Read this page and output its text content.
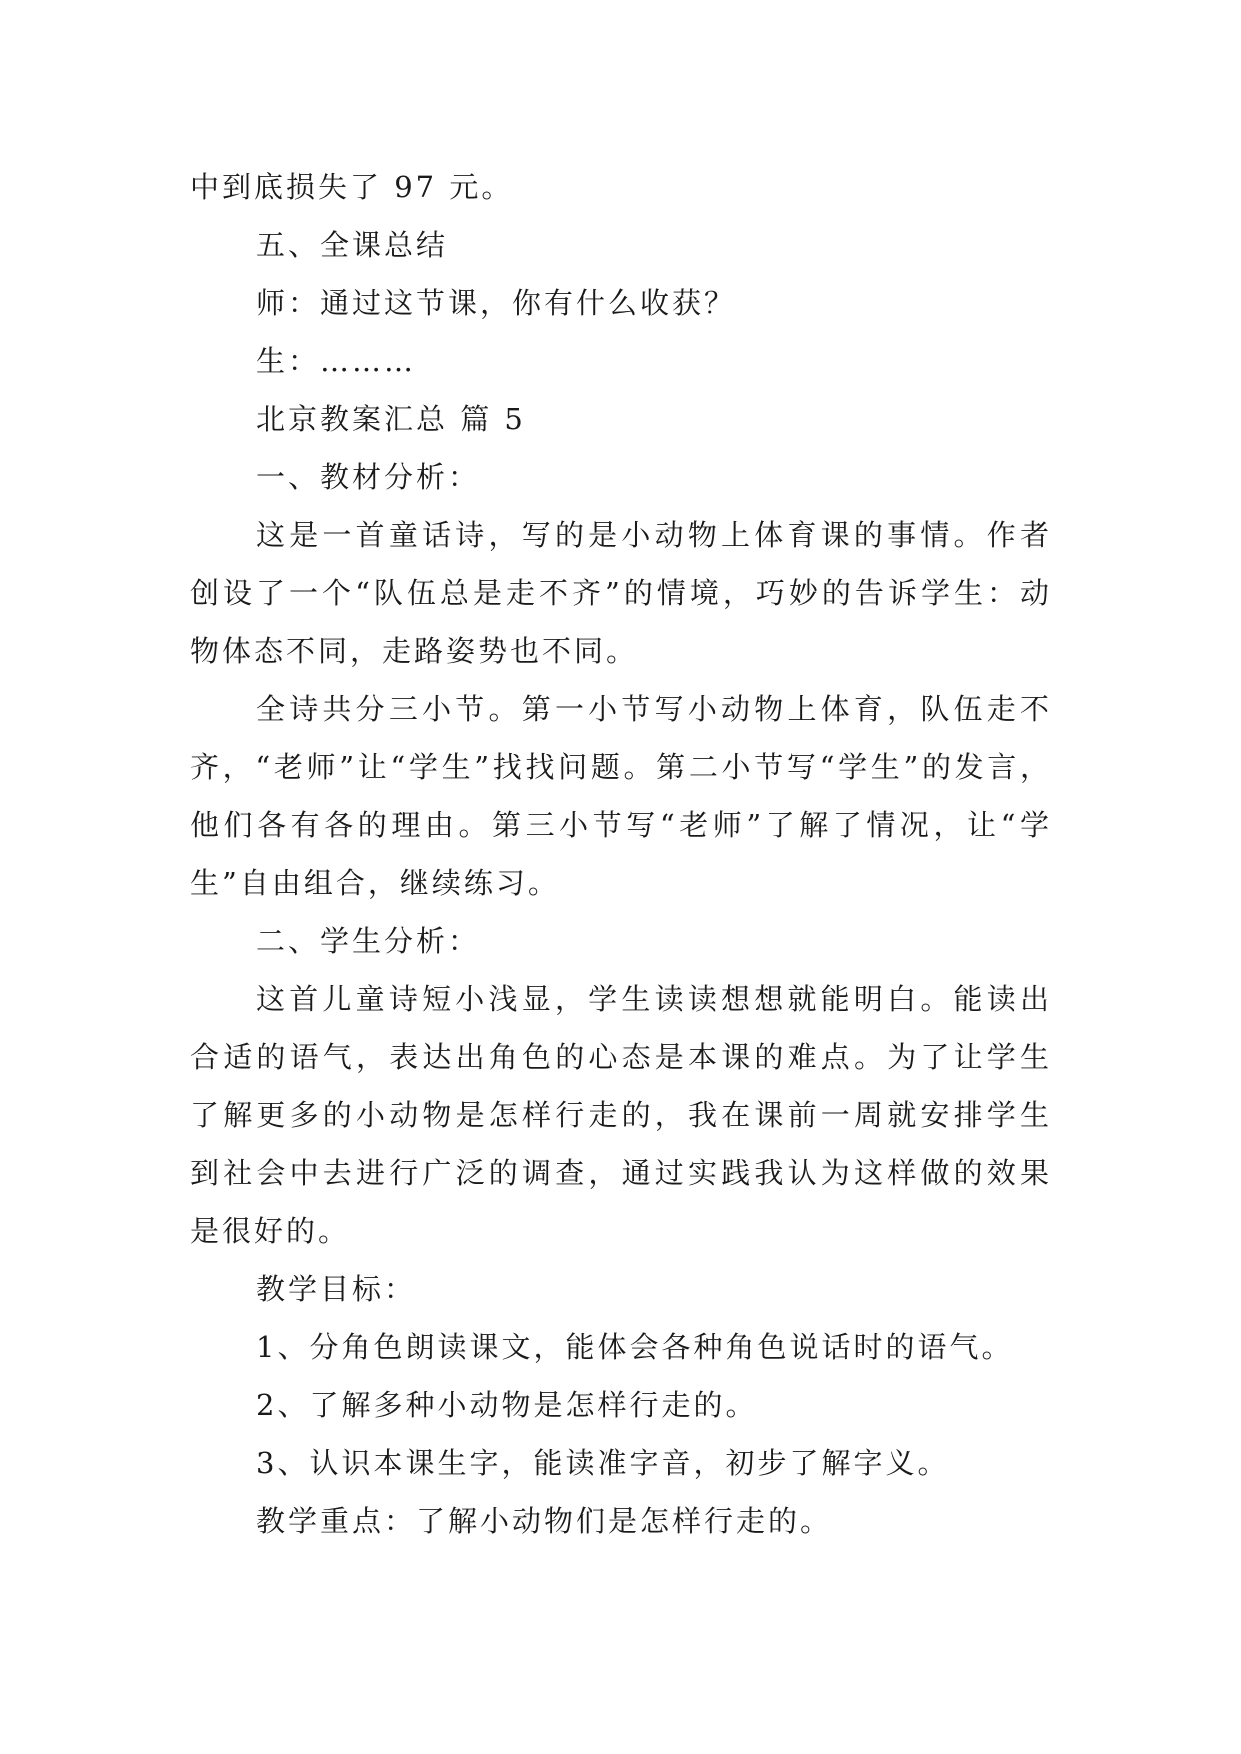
中到底损失了 97 元。

五、全课总结

师：通过这节课，你有什么收获？

生：………

北京教案汇总 篇 5

一、教材分析：

这是一首童话诗，写的是小动物上体育课的事情。作者创设了一个“队伍总是走不齐”的情境，巧妙的告诉学生：动物体态不同，走路姿势也不同。

全诗共分三小节。第一小节写小动物上体育，队伍走不齐，“老师”让“学生”找找问题。第二小节写“学生”的发言，他们各有各的理由。第三小节写“老师”了解了情况，让“学生”自由组合，继续练习。

二、学生分析：

这首儿童诗短小浅显，学生读读想想就能明白。能读出合适的语气，表达出角色的心态是本课的难点。为了让学生了解更多的小动物是怎样行走的，我在课前一周就安排学生到社会中去进行广泛的调查，通过实践我认为这样做的效果是很好的。

教学目标：

1、分角色朗读课文，能体会各种角色说话时的语气。

2、了解多种小动物是怎样行走的。

3、认识本课生字，能读准字音，初步了解字义。

教学重点：了解小动物们是怎样行走的。
